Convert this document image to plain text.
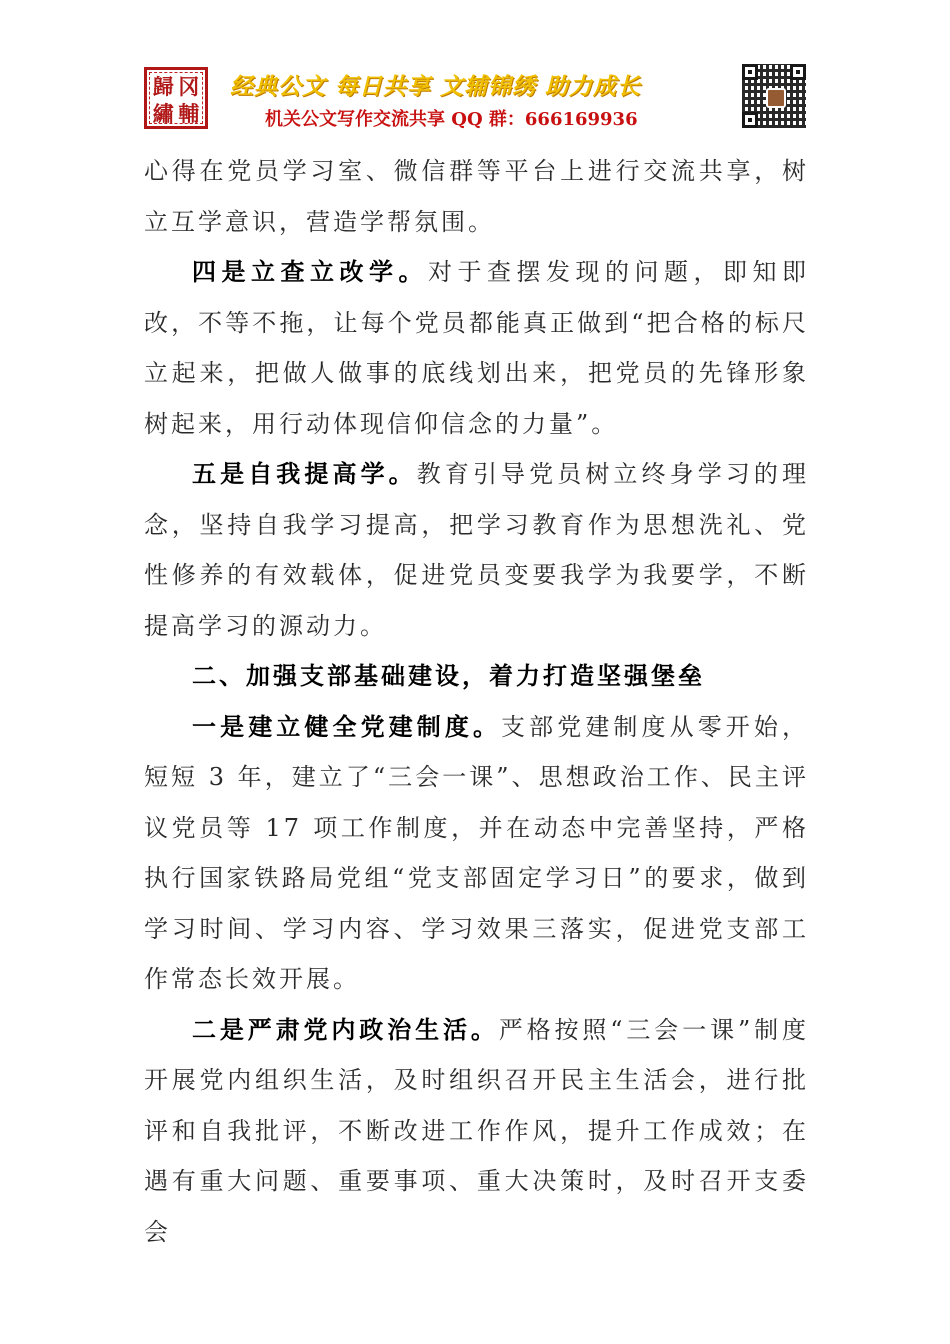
歸 冈
繡 輔
经典公文 每日共享 文辅锦绣 助力成长
机关公文写作交流共享 QQ 群：666169936

心得在党员学习室、微信群等平台上进行交流共享，树立互学意识，营造学帮氛围。

四是立查立改学。对于查摆发现的问题，即知即改，不等不拖，让每个党员都能真正做到“把合格的标尺立起来，把做人做事的底线划出来，把党员的先锋形象树起来，用行动体现信仰信念的力量”。

五是自我提高学。教育引导党员树立终身学习的理念，坚持自我学习提高，把学习教育作为思想洗礼、党性修养的有效载体，促进党员变要我学为我要学，不断提高学习的源动力。

二、加强支部基础建设，着力打造坚强堡垒

一是建立健全党建制度。支部党建制度从零开始，短短 3 年，建立了“三会一课”、思想政治工作、民主评议党员等 17 项工作制度，并在动态中完善坚持，严格执行国家铁路局党组“党支部固定学习日”的要求，做到学习时间、学习内容、学习效果三落实，促进党支部工作常态长效开展。

二是严肃党内政治生活。严格按照“三会一课”制度开展党内组织生活，及时组织召开民主生活会，进行批评和自我批评，不断改进工作作风，提升工作成效；在遇有重大问题、重要事项、重大决策时，及时召开支委会
